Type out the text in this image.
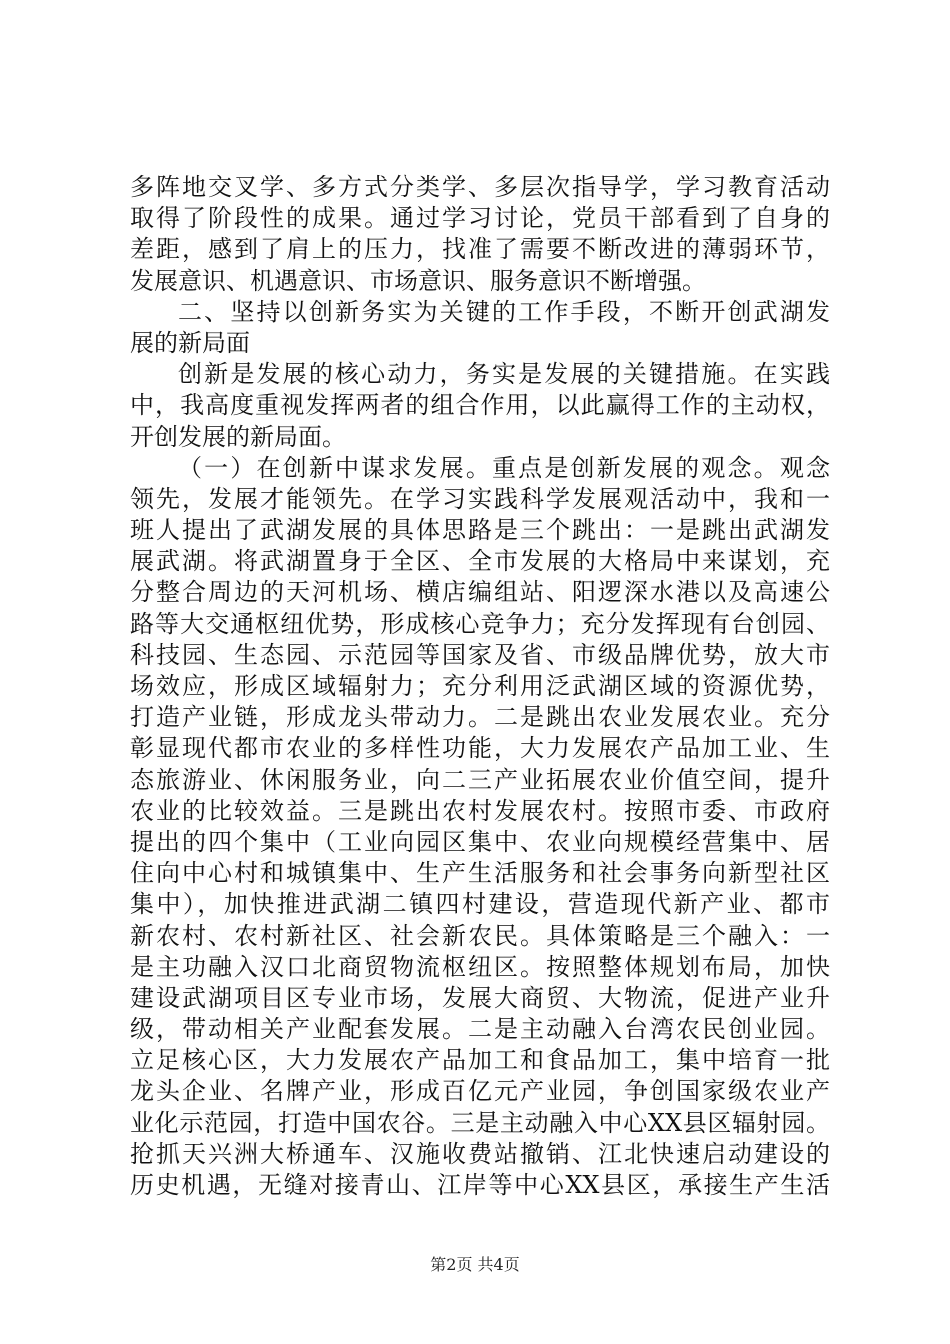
多阵地交叉学、多方式分类学、多层次指导学，学习教育活动
取得了阶段性的成果。通过学习讨论，党员干部看到了自身的
差距，感到了肩上的压力，找准了需要不断改进的薄弱环节，
发展意识、机遇意识、市场意识、服务意识不断增强。
二、坚持以创新务实为关键的工作手段，不断开创武湖发
展的新局面
创新是发展的核心动力，务实是发展的关键措施。在实践
中，我高度重视发挥两者的组合作用，以此赢得工作的主动权，
开创发展的新局面。
（一）在创新中谋求发展。重点是创新发展的观念。观念
领先，发展才能领先。在学习实践科学发展观活动中，我和一
班人提出了武湖发展的具体思路是三个跳出：一是跳出武湖发
展武湖。将武湖置身于全区、全市发展的大格局中来谋划，充
分整合周边的天河机场、横店编组站、阳逻深水港以及高速公
路等大交通枢纽优势，形成核心竞争力；充分发挥现有台创园、
科技园、生态园、示范园等国家及省、市级品牌优势，放大市
场效应，形成区域辐射力；充分利用泛武湖区域的资源优势，
打造产业链，形成龙头带动力。二是跳出农业发展农业。充分
彰显现代都市农业的多样性功能，大力发展农产品加工业、生
态旅游业、休闲服务业，向二三产业拓展农业价值空间，提升
农业的比较效益。三是跳出农村发展农村。按照市委、市政府
提出的四个集中（工业向园区集中、农业向规模经营集中、居
住向中心村和城镇集中、生产生活服务和社会事务向新型社区
集中），加快推进武湖二镇四村建设，营造现代新产业、都市
新农村、农村新社区、社会新农民。具体策略是三个融入：一
是主功融入汉口北商贸物流枢纽区。按照整体规划布局，加快
建设武湖项目区专业市场，发展大商贸、大物流，促进产业升
级，带动相关产业配套发展。二是主动融入台湾农民创业园。
立足核心区，大力发展农产品加工和食品加工，集中培育一批
龙头企业、名牌产业，形成百亿元产业园，争创国家级农业产
业化示范园，打造中国农谷。三是主动融入中心XX县区辐射园。
抢抓天兴洲大桥通车、汉施收费站撤销、江北快速启动建设的
历史机遇，无缝对接青山、江岸等中心XX县区，承接生产生活
第2页 共4页
